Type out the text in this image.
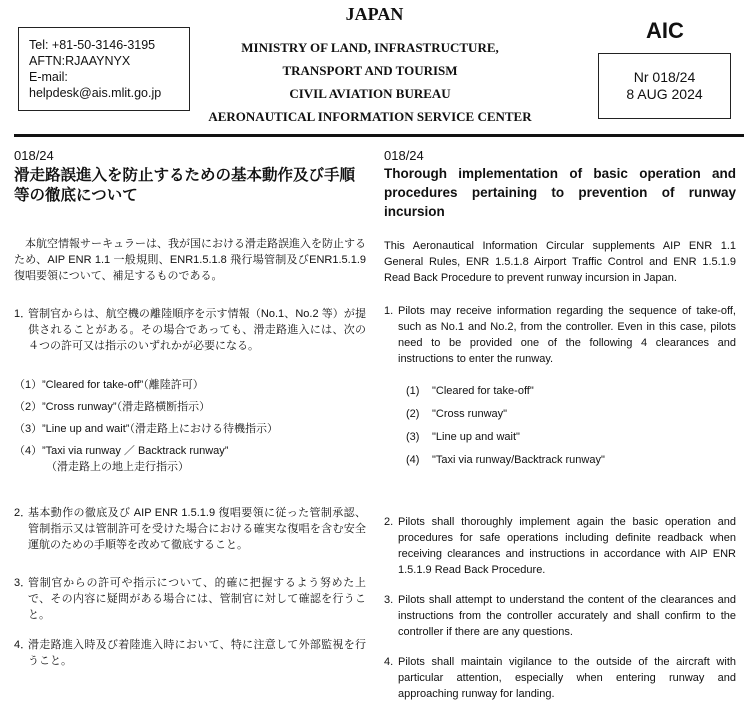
JAPAN
MINISTRY OF LAND, INFRASTRUCTURE,
TRANSPORT AND TOURISM
CIVIL AVIATION BUREAU
AERONAUTICAL INFORMATION SERVICE CENTER
Tel: +81-50-3146-3195
AFTN:RJAAYNYX
E-mail:
helpdesk@ais.mlit.go.jp
AIC
Nr 018/24
8 AUG 2024
018/24
滑走路誤進入を防止するための基本動作及び手順等の徹底について
　本航空情報サーキュラーは、我が国における滑走路誤進入を防止するため、AIP ENR 1.1 一般規則、ENR1.5.1.8 飛行場管制及びENR1.5.1.9 復唱要領について、補足するものである。
1．
管制官からは、航空機の離陸順序を示す情報（No.1、No.2 等）が提供されることがある。その場合であっても、滑走路進入には、次の４つの許可又は指示のいずれかが必要になる。
（1） ”Cleared for take-off”（離陸許可）
（2） ”Cross runway”（滑走路横断指示）
（3） ”Line up and wait”（滑走路上における待機指示）
（4） ”Taxi via runway ／ Backtrack runway”
（滑走路上の地上走行指示）
2．
基本動作の徹底及び AIP ENR 1.5.1.9 復唱要領に従った管制承認、管制指示又は管制許可を受けた場合における確実な復唱を含む安全運航のための手順等を改めて徹底すること。
3．
管制官からの許可や指示について、的確に把握するよう努めた上で、その内容に疑問がある場合には、管制官に対して確認を行うこと。
4．
滑走路進入時及び着陸進入時において、特に注意して外部監視を行うこと。
018/24
Thorough implementation of basic operation and procedures pertaining to prevention of runway incursion
This Aeronautical Information Circular supplements AIP ENR 1.1 General Rules, ENR 1.5.1.8 Airport Traffic Control and ENR 1.5.1.9 Read Back Procedure to prevent runway incursion in Japan.
1. Pilots may receive information regarding the sequence of take-off, such as No.1 and No.2, from the controller. Even in this case, pilots need to be provided one of the following 4 clearances and instructions to enter the runway.
(1) "Cleared for take-off"
(2) "Cross runway"
(3) "Line up and wait"
(4) "Taxi via runway/Backtrack runway"
2. Pilots shall thoroughly implement again the basic operation and procedures for safe operations including definite readback when receiving clearances and instructions in accordance with AIP ENR 1.5.1.9 Read Back Procedure.
3. Pilots shall attempt to understand the content of the clearances and instructions from the controller accurately and shall confirm to the controller if there are any questions.
4. Pilots shall maintain vigilance to the outside of the aircraft with particular attention, especially when entering runway and approaching runway for landing.
